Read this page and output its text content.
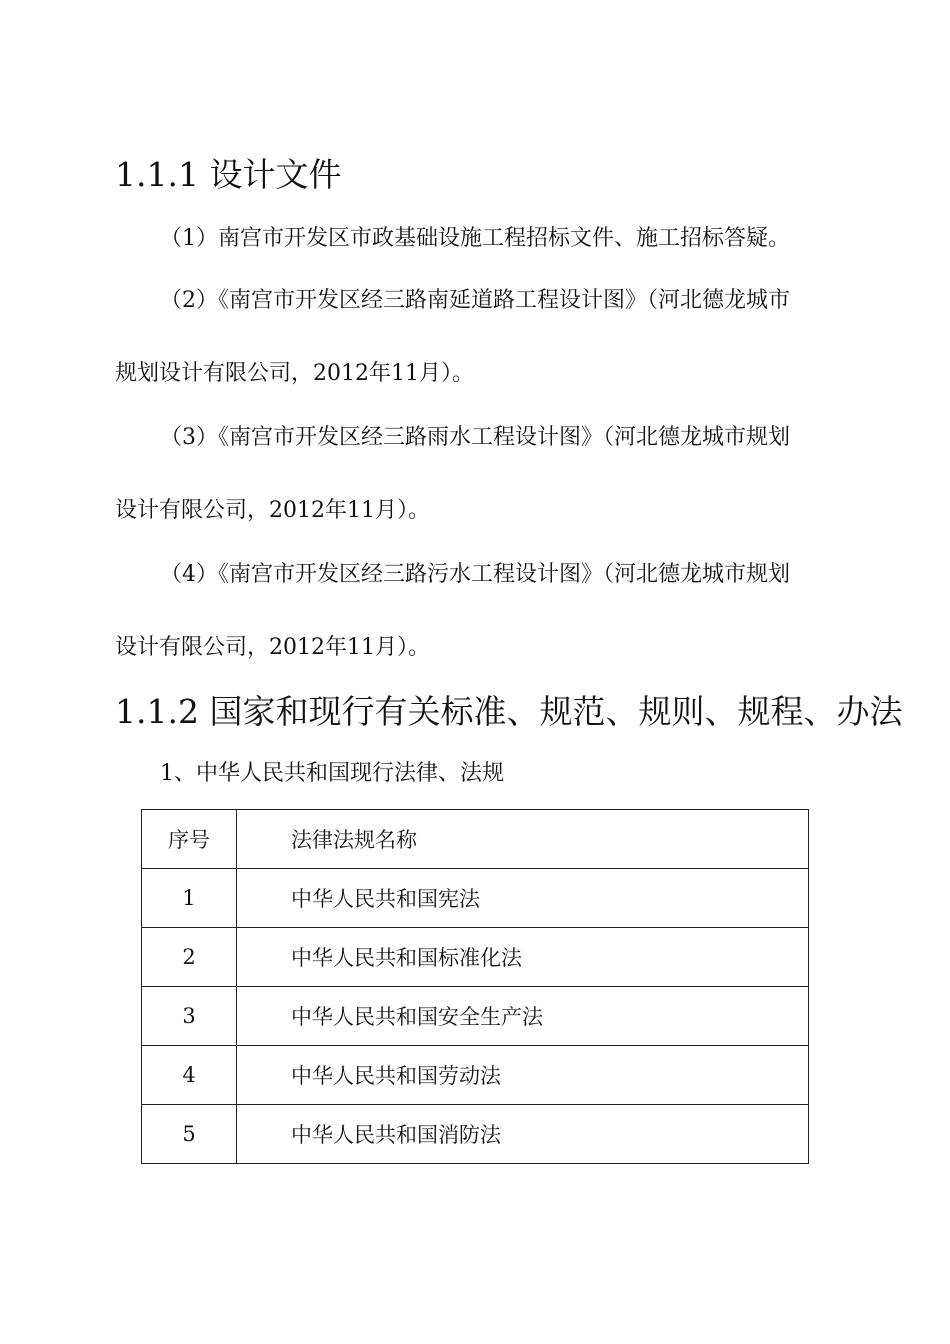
1.1.1 设计文件

（1）南宫市开发区市政基础设施工程招标文件、施工招标答疑。

（2）《南宫市开发区经三路南延道路工程设计图》（河北德龙城市

规划设计有限公司，2012年11月）。

（3）《南宫市开发区经三路雨水工程设计图》（河北德龙城市规划

设计有限公司，2012年11月）。

（4）《南宫市开发区经三路污水工程设计图》（河北德龙城市规划

设计有限公司，2012年11月）。

1.1.2 国家和现行有关标准、规范、规则、规程、办法

1、中华人民共和国现行法律、法规

序号	法律法规名称
1	中华人民共和国宪法
2	中华人民共和国标准化法
3	中华人民共和国安全生产法
4	中华人民共和国劳动法
5	中华人民共和国消防法
